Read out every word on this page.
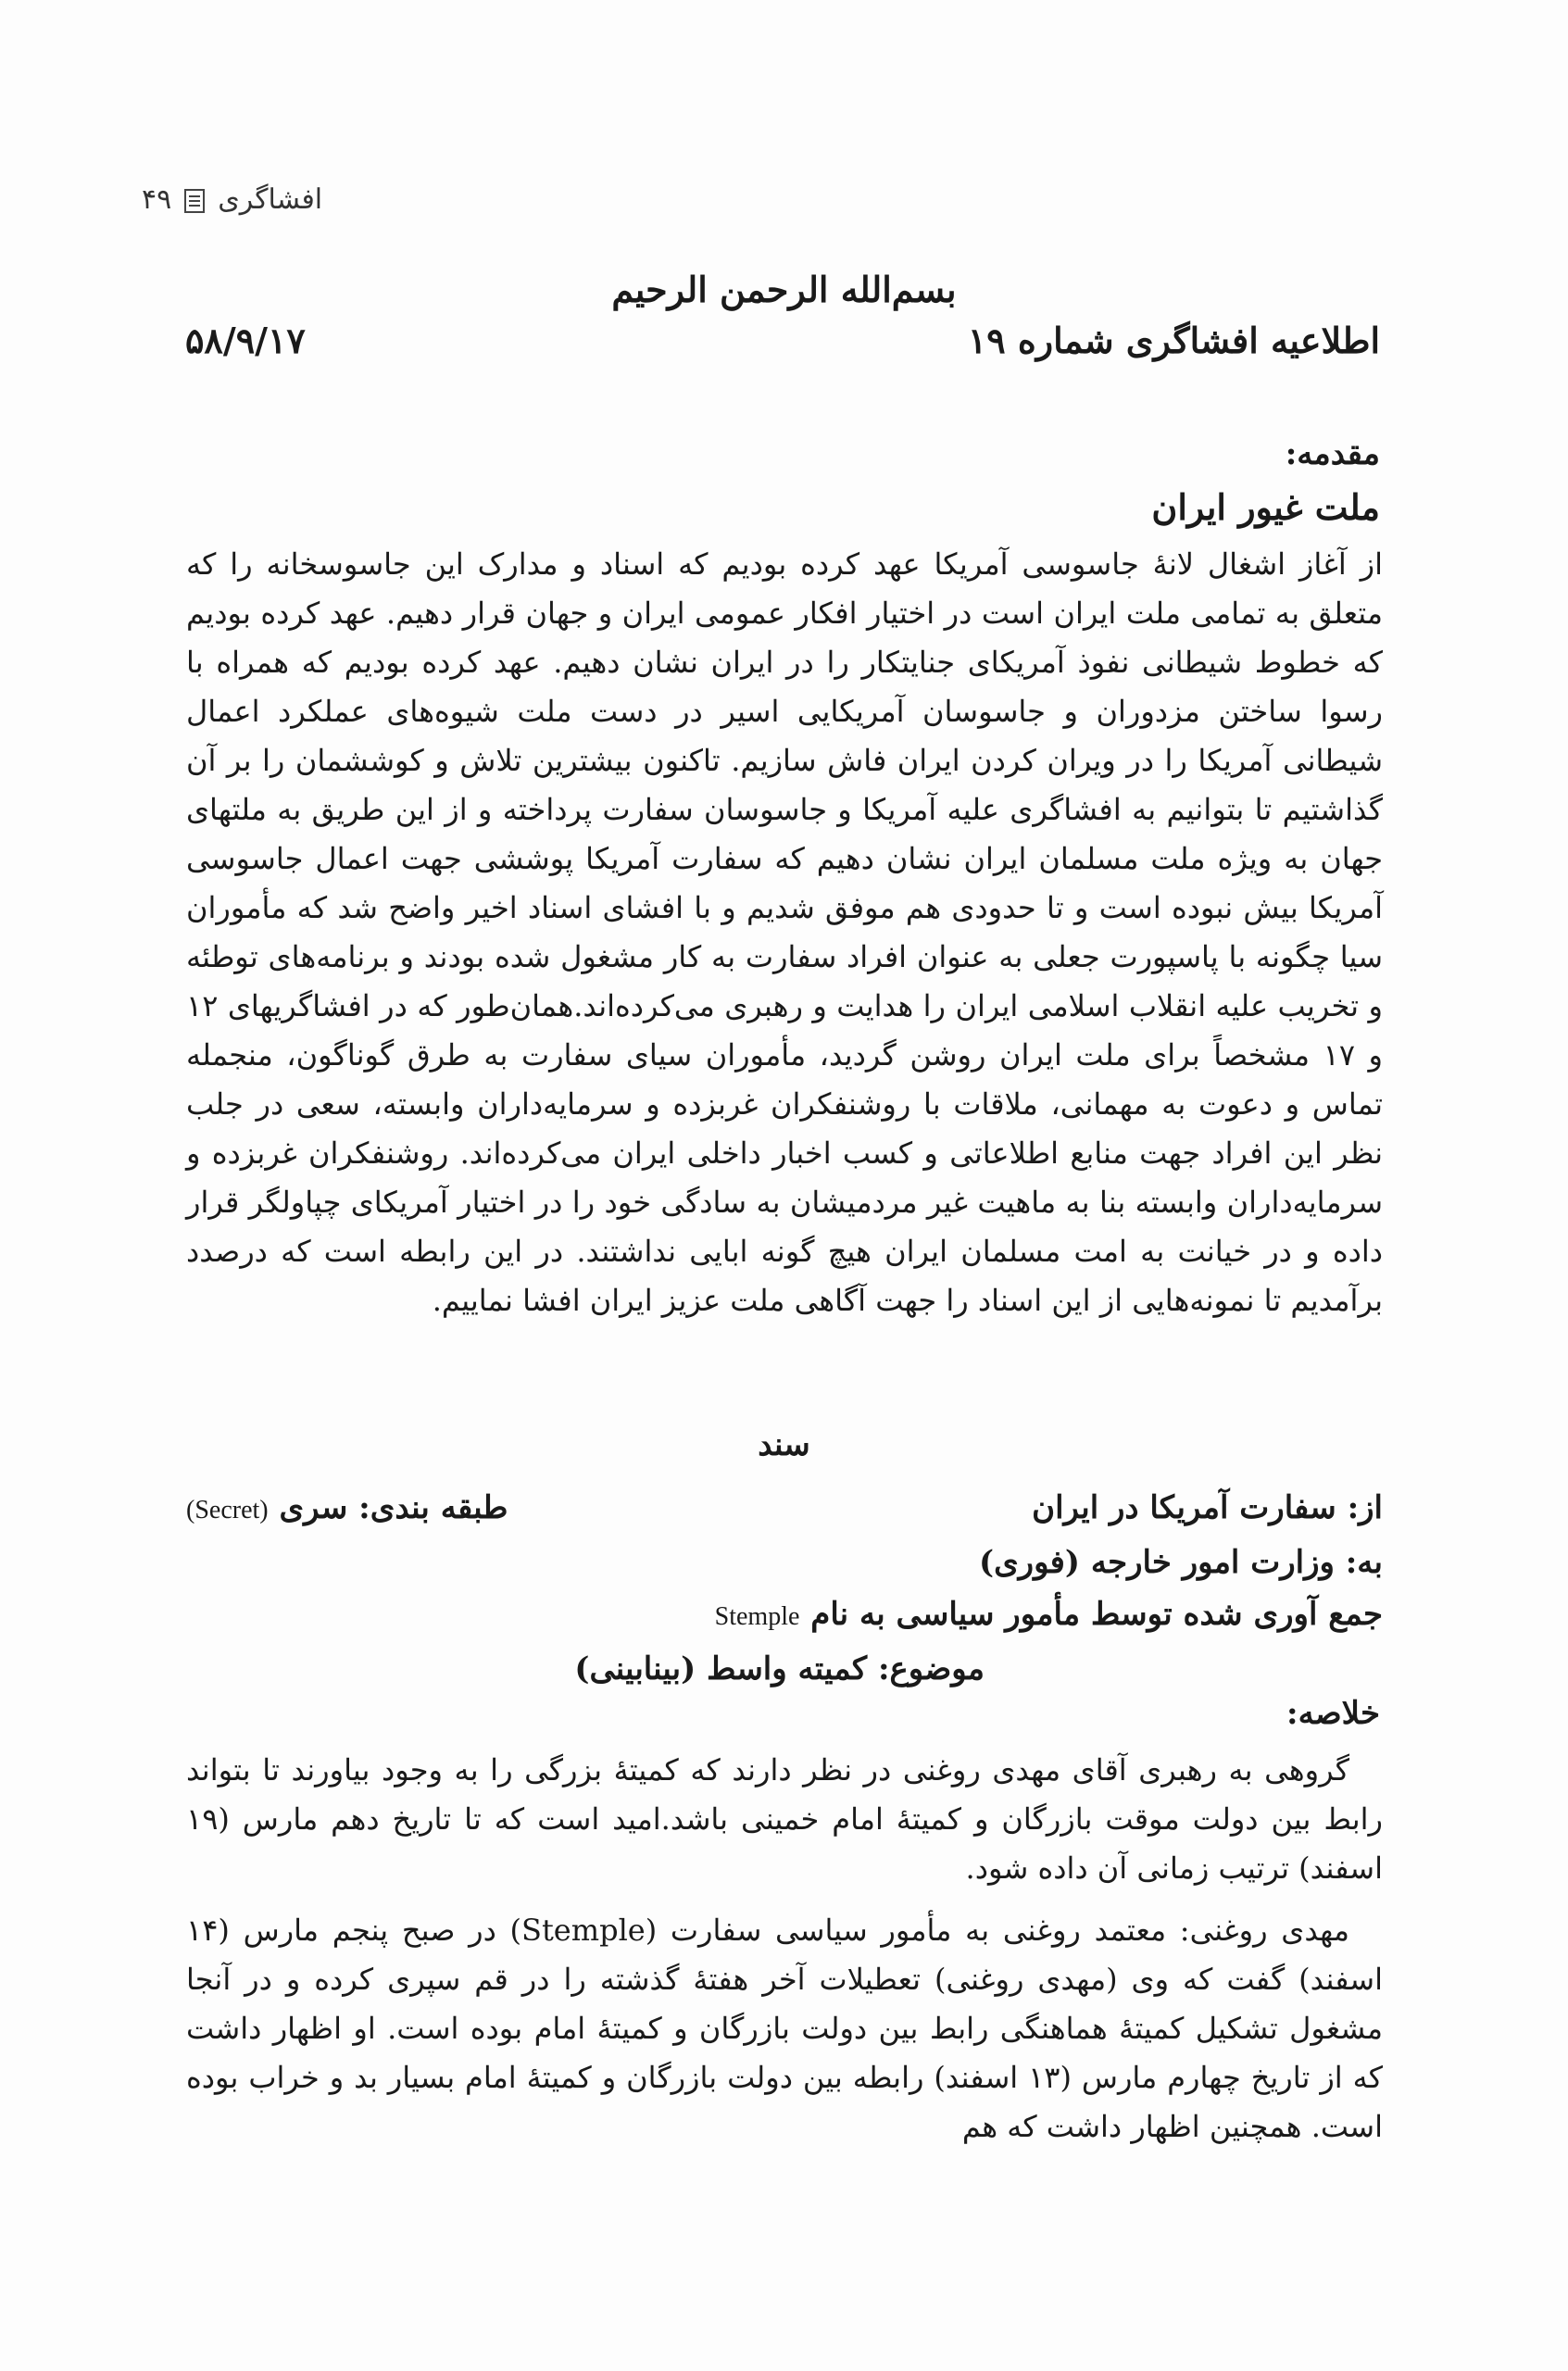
افشاگری
۴۹
بسم‌الله الرحمن الرحیم
اطلاعیه افشاگری شماره ۱۹
۵۸/۹/۱۷
مقدمه:
ملت غیور ایران
از آغاز اشغال لانهٔ جاسوسی آمریکا عهد کرده بودیم که اسناد و مدارک این جاسوسخانه را که متعلق به تمامی ملت ایران است در اختیار افکار عمومی ایران و جهان قرار دهیم. عهد کرده بودیم که خطوط شیطانی نفوذ آمریکای جنایتکار را در ایران نشان دهیم. عهد کرده بودیم که همراه با رسوا ساختن مزدوران و جاسوسان آمریکایی اسیر در دست ملت شیوه‌های عملکرد اعمال شیطانی آمریکا را در ویران کردن ایران فاش سازیم. تاکنون بیشترین تلاش و کوششمان را بر آن گذاشتیم تا بتوانیم به افشاگری علیه آمریکا و جاسوسان سفارت پرداخته و از این طریق به ملتهای جهان به ویژه ملت مسلمان ایران نشان دهیم که سفارت آمریکا پوششی جهت اعمال جاسوسی آمریکا بیش نبوده است و تا حدودی هم موفق شدیم و با افشای اسناد اخیر واضح شد که مأموران سیا چگونه با پاسپورت جعلی به عنوان افراد سفارت به کار مشغول شده بودند و برنامه‌های توطئه و تخریب علیه انقلاب اسلامی ایران را هدایت و رهبری می‌کرده‌اند.همان‌طور که در افشاگریهای ۱۲ و ۱۷ مشخصاً برای ملت ایران روشن گردید، مأموران سیای سفارت به طرق گوناگون، منجمله تماس و دعوت به مهمانی، ملاقات با روشنفکران غربزده و سرمایه‌داران وابسته، سعی در جلب نظر این افراد جهت منابع اطلاعاتی و کسب اخبار داخلی ایران می‌کرده‌اند. روشنفکران غربزده و سرمایه‌داران وابسته بنا به ماهیت غیر مردمیشان به سادگی خود را در اختیار آمریکای چپاولگر قرار داده و در خیانت به امت مسلمان ایران هیچ گونه ابایی نداشتند. در این رابطه است که درصدد برآمدیم تا نمونه‌هایی از این اسناد را جهت آگاهی ملت عزیز ایران افشا نماییم.
سند
از: سفارت آمریکا در ایران
طبقه بندی: سری (Secret)
به: وزارت امور خارجه (فوری)
جمع آوری شده توسط مأمور سیاسی به نام Stemple
موضوع: کمیته واسط (بینابینی)
خلاصه:

گروهی به رهبری آقای مهدی روغنی در نظر دارند که کمیتهٔ بزرگی را به وجود بیاورند تا بتواند رابط بین دولت موقت بازرگان و کمیتهٔ امام خمینی باشد.امید است که تا تاریخ دهم مارس (۱۹ اسفند) ترتیب زمانی آن داده شود.

مهدی روغنی: معتمد روغنی به مأمور سیاسی سفارت (Stemple) در صبح پنجم مارس (۱۴ اسفند) گفت که وی (مهدی روغنی) تعطیلات آخر هفتهٔ گذشته را در قم سپری کرده و در آنجا مشغول تشکیل کمیتهٔ هماهنگی رابط بین دولت بازرگان و کمیتهٔ امام بوده است. او اظهار داشت که از تاریخ چهارم مارس (۱۳ اسفند) رابطه بین دولت بازرگان و کمیتهٔ امام بسیار بد و خراب بوده است. همچنین اظهار داشت که هم
